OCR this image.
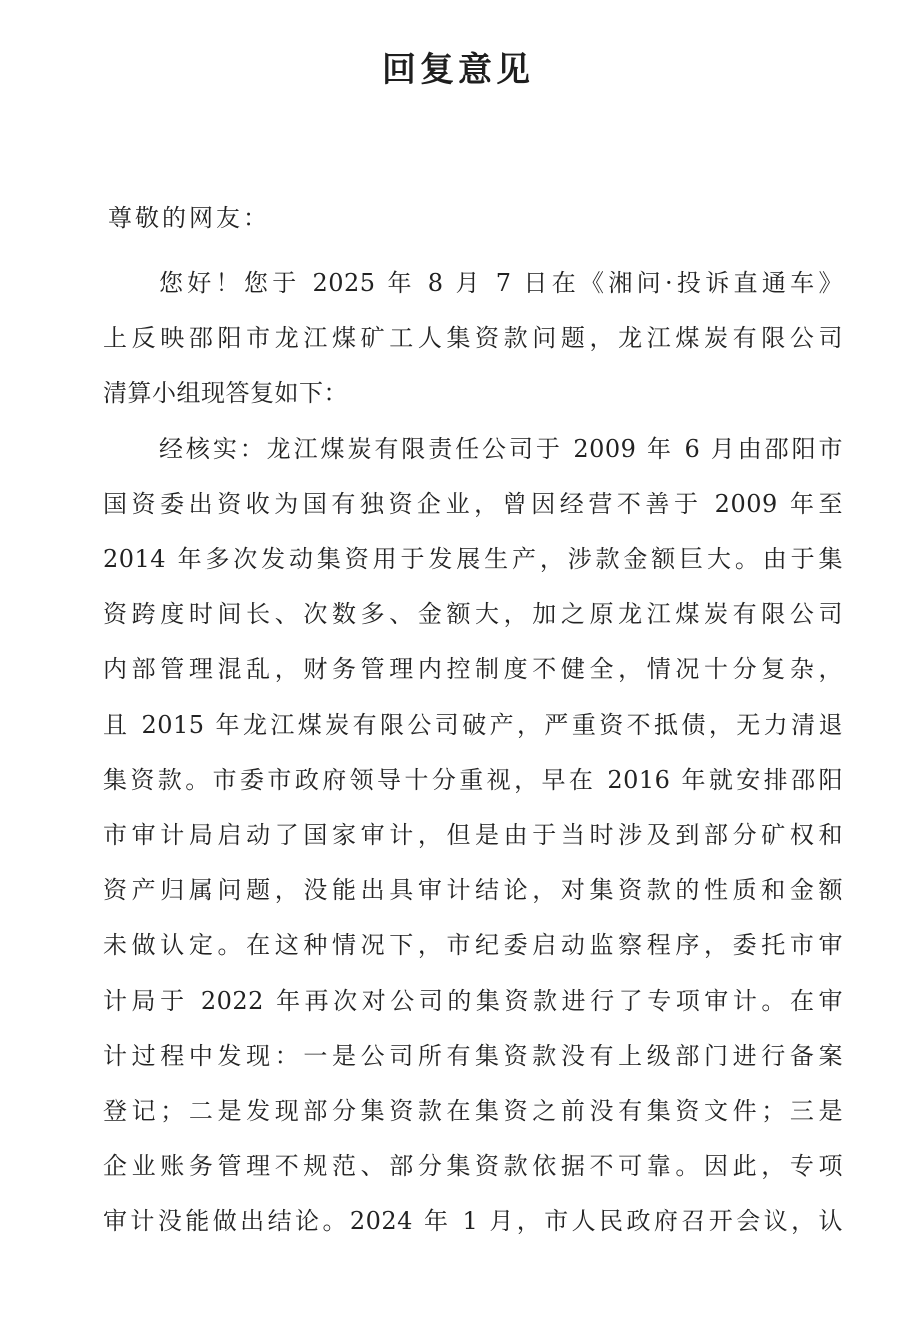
回复意见
尊敬的网友：
您好！您于 2025 年 8 月 7 日在《湘问·投诉直通车》
上反映邵阳市龙江煤矿工人集资款问题，龙江煤炭有限公司
清算小组现答复如下：
经核实：龙江煤炭有限责任公司于 2009 年 6 月由邵阳市
国资委出资收为国有独资企业，曾因经营不善于 2009 年至
2014 年多次发动集资用于发展生产，涉款金额巨大。由于集
资跨度时间长、次数多、金额大，加之原龙江煤炭有限公司
内部管理混乱，财务管理内控制度不健全，情况十分复杂，
且 2015 年龙江煤炭有限公司破产，严重资不抵债，无力清退
集资款。市委市政府领导十分重视，早在 2016 年就安排邵阳
市审计局启动了国家审计，但是由于当时涉及到部分矿权和
资产归属问题，没能出具审计结论，对集资款的性质和金额
未做认定。在这种情况下，市纪委启动监察程序，委托市审
计局于 2022 年再次对公司的集资款进行了专项审计。在审
计过程中发现：一是公司所有集资款没有上级部门进行备案
登记；二是发现部分集资款在集资之前没有集资文件；三是
企业账务管理不规范、部分集资款依据不可靠。因此，专项
审计没能做出结论。2024 年 1 月，市人民政府召开会议，认
